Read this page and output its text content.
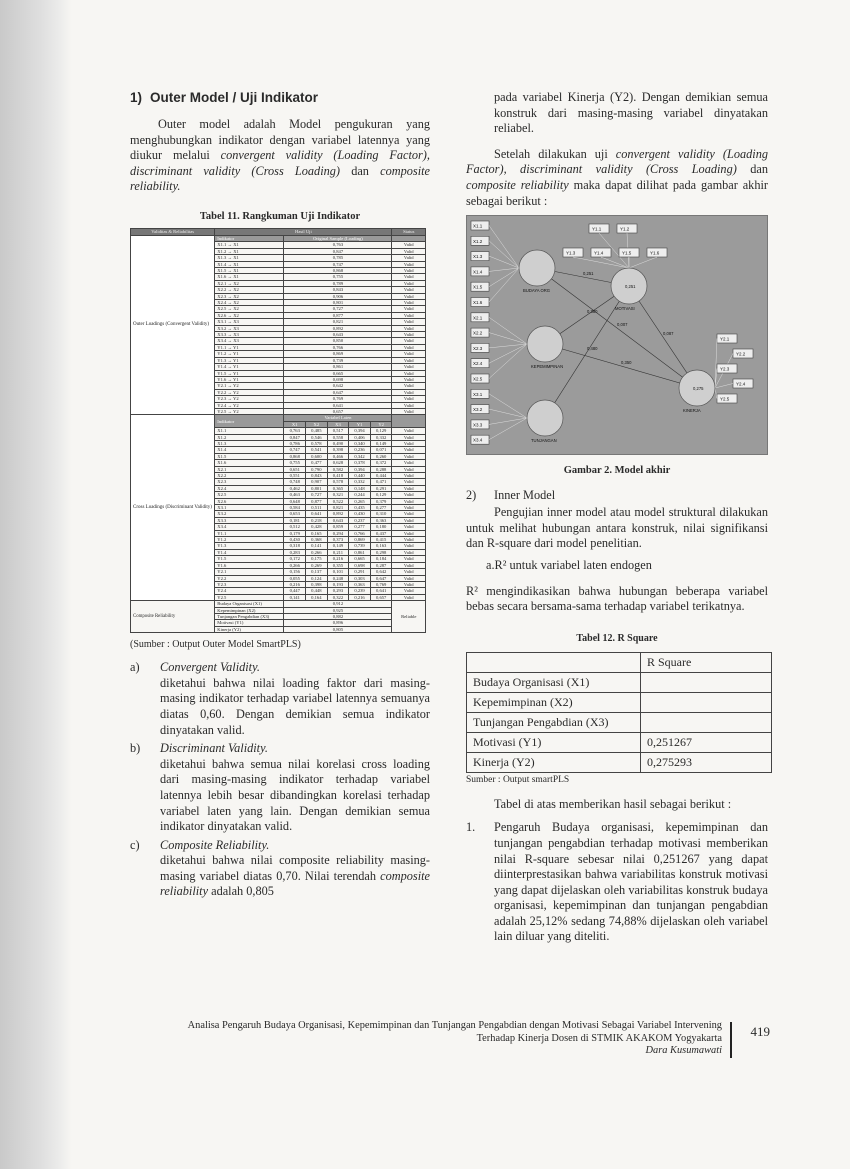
1) Outer Model / Uji Indikator

Outer model adalah Model pengukuran yang menghubungkan indikator dengan variabel latennya yang diukur melalui convergent validity (Loading Factor), discriminant validity (Cross Loading) dan composite reliability.

Tabel 11. Rangkuman Uji Indikator
Validitas & Reliabilitas	Hasil Uji						Status
Outer Loadings (Convergent Validity)	Indikator	Original Sample (Loading)					
	X1.1 → X1	0,763					Valid
	X1.2 → X1	0,847					Valid
	X1.3 → X1	0,785					Valid
	X1.4 → X1	0,747					Valid
	X1.5 → X1	0,868					Valid
	X1.6 → X1	0,755					Valid
	X2.1 → X2	0,789					Valid
	X2.2 → X2	0,843					Valid
	X2.3 → X2	0,906					Valid
	X2.4 → X2	0,801					Valid
	X2.5 → X2	0,727					Valid
	X2.6 → X2	0,877					Valid
	X3.1 → X3	0,821					Valid
	X3.2 → X3	0,892					Valid
	X3.3 → X3	0,643					Valid
	X3.4 → X3	0,850					Valid
	Y1.1 → Y1	0,766					Valid
	Y1.2 → Y1	0,869					Valid
	Y1.3 → Y1	0,739					Valid
	Y1.4 → Y1	0,861					Valid
	Y1.5 → Y1	0,665					Valid
	Y1.6 → Y1	0,698					Valid
	Y2.1 → Y2	0,642					Valid
	Y2.2 → Y2	0,647					Valid
	Y2.3 → Y2	0,769					Valid
	Y2.4 → Y2	0,641					Valid
	Y2.5 → Y2	0,657					Valid
Cross Loadings (Discriminant Validity)	Indikator	Variabel Laten					
		X1	X2	X3	Y1	Y2	
	X1.1	0,763	0,485	0,517	0,394	0,129	Valid
	X1.2	0,847	0,546	0,558	0,406	0,332	Valid
	X1.3	0,786	0,578	0,490	0,340	0,149	Valid
	X1.4	0,747	0,541	0,398	0,236	0,071	Valid
	X1.5	0,868	0,600	0,466	0,342	0,260	Valid
	X1.6	0,755	0,477	0,628	0,378	0,372	Valid
	X2.1	0,651	0,790	0,582	0,394	0,288	Valid
	X2.2	0,551	0,843	0,418	0,440	0,444	Valid
	X2.3	0,748	0,907	0,578	0,332	0,471	Valid
	X2.4	0,462	0,801	0,365	0,148	0,291	Valid
	X2.5	0,463	0,727	0,321	0,244	0,129	Valid
	X2.6	0,648	0,877	0,522	0,265	0,379	Valid
	X3.1	0,584	0,511	0,821	0,435	0,277	Valid
	X3.2	0,653	0,641	0,892	0,430	0,310	Valid
	X3.3	0,181	0,218	0,643	0,237	0,363	Valid
	X3.4	0,512	0,428	0,859	0,277	0,180	Valid
	Y1.1	0,179	0,165	0,294	0,766	0,437	Valid
	Y1.2	0,430	0,368	0,373	0,869	0,415	Valid
	Y1.3	0,318	0,141	0,149	0,739	0,163	Valid
	Y1.4	0,283	0,266	0,211	0,861	0,298	Valid
	Y1.5	0,172	0,175	0,216	0,665	0,184	Valid
	Y1.6	0,266	0,269	0,355	0,698	0,287	Valid
	Y2.1	0,156	0,137	0,101	0,291	0,642	Valid
	Y2.2	0,055	0,124	0,248	0,303	0,647	Valid
	Y2.3	0,216	0,398	0,193	0,363	0,769	Valid
	Y2.4	0,447	0,448	0,293	0,239	0,641	Valid
	Y2.5	0,141	0,164	0,322	0,216	0,657	Valid
Composite Reliability	Budaya Organisasi (X1)	0,912					Reliable
	Kepemimpinan (X2)	0,925					
	Tunjangan Pengabdian (X3)	0,882					
	Motivasi (Y1)	0,896					
	Kinerja (Y2)	0,805					
(Sumber : Output Outer Model SmartPLS)
a)	Convergent Validity.
diketahui bahwa nilai loading faktor dari masing-masing indikator terhadap variabel latennya semuanya diatas 0,60. Dengan demikian semua indikator dinyatakan valid.
b)	Discriminant Validity.
diketahui bahwa semua nilai korelasi cross loading dari masing-masing indikator terhadap variabel latennya lebih besar dibandingkan korelasi terhadap variabel laten yang lain. Dengan demikian semua indikator dinyatakan valid.
c)	Composite Reliability.
diketahui bahwa nilai composite reliability masing-masing variabel diatas 0,70. Nilai terendah composite reliability adalah 0,805

pada variabel Kinerja (Y2). Dengan demikian semua konstruk dari masing-masing variabel dinyatakan reliabel.

Setelah dilakukan uji convergent validity (Loading Factor), discriminant validity (Cross Loading) dan composite reliability maka dapat dilihat pada gambar akhir sebagai berikut :

X1.1
X1.2
X1.3
X1.4
X1.5
X1.6
X2.1
X2.2
X2.3
X2.4
X2.5
X3.1
X3.2
X3.3
X3.4
Y1.1	Y1.2
Y1.3	Y1.4	Y1.5	Y1.6
Y2.1
Y2.2
Y2.3
Y2.4
Y2.5
0,251
0,380
0,480
0,007
0,087
0,350
BUDAYA ORG
MOTIVASI
KEPEMIMPINAN
KINERJA
TUNJANGAN
0,251
0,275
Gambar 2. Model akhir
2)	Inner Model

Pengujian inner model atau model struktural dilakukan untuk melihat hubungan antara konstruk, nilai signifikansi dan R-square dari model penelitian.

a.R² untuk variabel laten endogen

R² mengindikasikan bahwa hubungan beberapa variabel bebas secara bersama-sama terhadap variabel terikatnya.

Tabel 12. R Square
	R Square
Budaya Organisasi (X1)	
Kepemimpinan (X2)	
Tunjangan Pengabdian (X3)	
Motivasi (Y1)	0,251267
Kinerja (Y2)	0,275293
Sumber : Output smartPLS

Tabel di atas memberikan hasil sebagai berikut :

1.	Pengaruh Budaya organisasi, kepemimpinan dan tunjangan pengabdian terhadap motivasi memberikan nilai R-square sebesar nilai 0,251267 yang dapat diinterprestasikan bahwa variabilitas konstruk motivasi yang dapat dijelaskan oleh variabilitas konstruk budaya organisasi, kepemimpinan dan tunjangan pengabdian adalah 25,12% sedang 74,88% dijelaskan oleh variabel lain diluar yang diteliti.
Analisa Pengaruh Budaya Organisasi, Kepemimpinan dan Tunjangan Pengabdian dengan Motivasi Sebagai Variabel Intervening
Terhadap Kinerja Dosen di STMIK AKAKOM Yogyakarta
Dara Kusumawati
419
